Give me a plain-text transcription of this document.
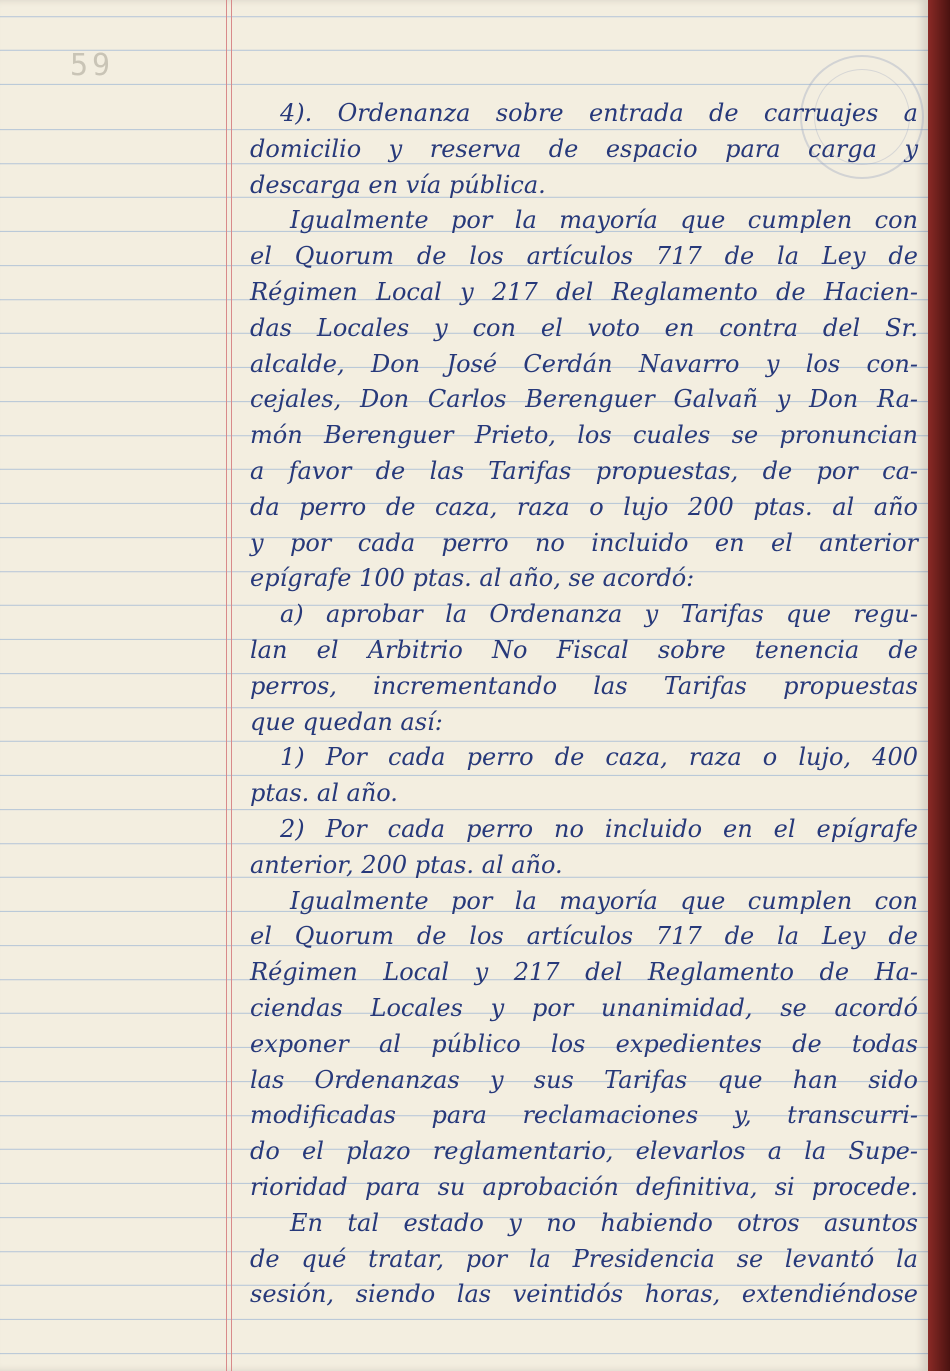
59
4). Ordenanza sobre entrada de carruajes a
domicilio y reserva de espacio para carga y
descarga en vía pública.
Igualmente por la mayoría que cumplen con
el Quorum de los artículos 717 de la Ley de
Régimen Local y 217 del Reglamento de Hacien-
das Locales y con el voto en contra del Sr.
alcalde, Don José Cerdán Navarro y los con-
cejales, Don Carlos Berenguer Galvañ y Don Ra-
món Berenguer Prieto, los cuales se pronuncian
a favor de las Tarifas propuestas, de por ca-
da perro de caza, raza o lujo 200 ptas. al año
y por cada perro no incluido en el anterior
epígrafe 100 ptas. al año, se acordó:
a) aprobar la Ordenanza y Tarifas que regu-
lan el Arbitrio No Fiscal sobre tenencia de
perros, incrementando las Tarifas propuestas
que quedan así:
1) Por cada perro de caza, raza o lujo, 400
ptas. al año.
2) Por cada perro no incluido en el epígrafe
anterior, 200 ptas. al año.
Igualmente por la mayoría que cumplen con
el Quorum de los artículos 717 de la Ley de
Régimen Local y 217 del Reglamento de Ha-
ciendas Locales y por unanimidad, se acordó
exponer al público los expedientes de todas
las Ordenanzas y sus Tarifas que han sido
modificadas para reclamaciones y, transcurri-
do el plazo reglamentario, elevarlos a la Supe-
rioridad para su aprobación definitiva, si procede.
En tal estado y no habiendo otros asuntos
de qué tratar, por la Presidencia se levantó la
sesión, siendo las veintidós horas, extendiéndose
